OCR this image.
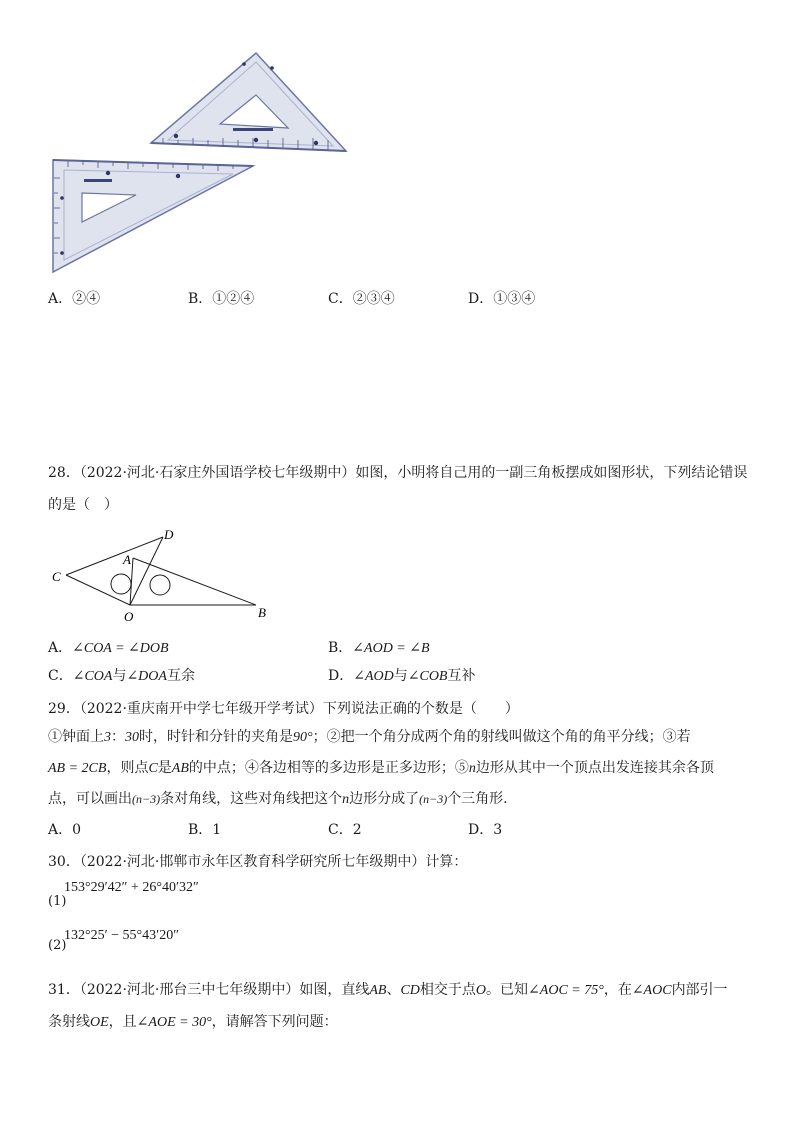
A．②④	B．①②④	C．②③④	D．①③④
28．（2022·河北·石家庄外国语学校七年级期中）如图，小明将自己用的一副三角板摆成如图形状，下列结论错误
的是（　）
C
A
D
O	B
A．∠COA = ∠DOB	B．∠AOD = ∠B
C．∠COA与∠DOA互余	D．∠AOD与∠COB互补
29．（2022·重庆南开中学七年级开学考试）下列说法正确的个数是（　　）
①钟面上3：30时，时针和分针的夹角是90°；②把一个角分成两个角的射线叫做这个角的角平分线；③若
AB = 2CB，则点C是AB的中点；④各边相等的多边形是正多边形；⑤n边形从其中一个顶点出发连接其余各顶
点，可以画出(n−3)条对角线，这些对角线把这个n边形分成了(n−3)个三角形.
A．0	B．1	C．2	D．3
30．（2022·河北·邯郸市永年区教育科学研究所七年级期中）计算：
153°29′42″ + 26°40′32″
(1)
(2)
132°25′ − 55°43′20″
31．（2022·河北·邢台三中七年级期中）如图，直线AB、CD相交于点O。已知∠AOC = 75°，在∠AOC内部引一
条射线OE，且∠AOE = 30°，请解答下列问题：
